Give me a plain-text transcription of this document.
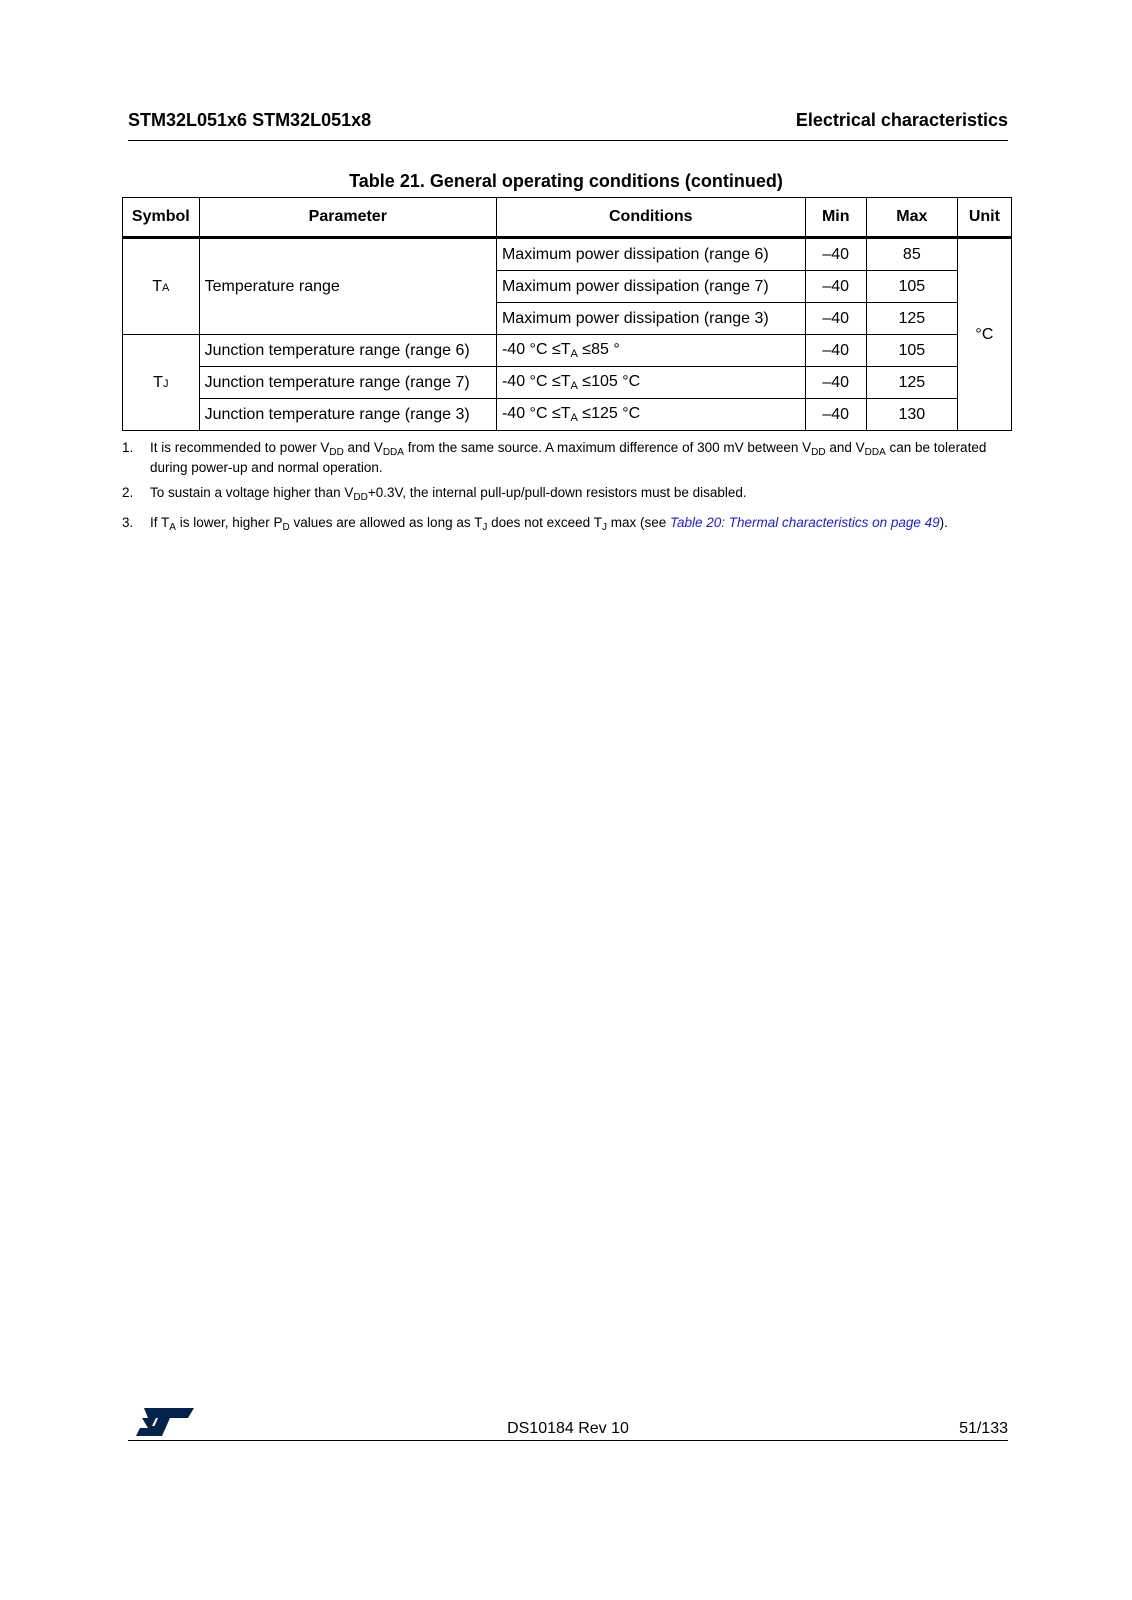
STM32L051x6 STM32L051x8	Electrical characteristics
Table 21. General operating conditions (continued)
Symbol	Parameter	Conditions	Min	Max	Unit
TA	Temperature range	Maximum power dissipation (range 6)	–40	85	°C
		Maximum power dissipation (range 7)	–40	105	
		Maximum power dissipation (range 3)	–40	125	
TJ	Junction temperature range (range 6)	-40 $^\circ C \le T_A \le 85$ °	–40	105	
	Junction temperature range (range 7)	-40 $^\circ C \le T_A \le 105$ °C	–40	125	
	Junction temperature range (range 3)	-40 $^\circ C \le T_A \le 125$ °C	–40	130	
1. It is recommended to power $V_{DD}$ and $V_{DDA}$ from the same source. A maximum difference of 300 mV between $V_{DD}$ and $V_{DDA}$ can be tolerated during power-up and normal operation.
2. To sustain a voltage higher than $V_{DD}+0.3V$, the internal pull-up/pull-down resistors must be disabled.
3. If $T_A$ is lower, higher $P_D$ values are allowed as long as $T_J$ does not exceed $T_J$ max (see Table 20: Thermal characteristics on page 49).
DS10184 Rev 10	51/133
